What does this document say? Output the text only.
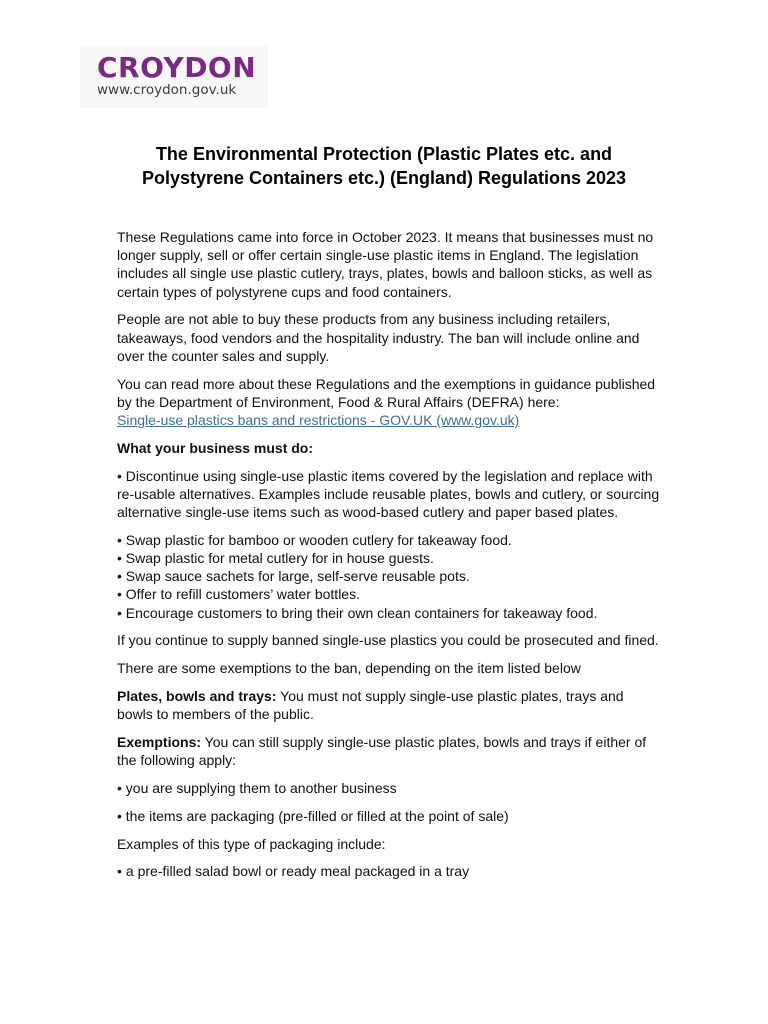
CROYDON
www.croydon.gov.uk
The Environmental Protection (Plastic Plates etc. and
Polystyrene Containers etc.) (England) Regulations 2023

These Regulations came into force in October 2023. It means that businesses must no longer supply, sell or offer certain single-use plastic items in England. The legislation includes all single use plastic cutlery, trays, plates, bowls and balloon sticks, as well as certain types of polystyrene cups and food containers.

People are not able to buy these products from any business including retailers, takeaways, food vendors and the hospitality industry. The ban will include online and over the counter sales and supply.

You can read more about these Regulations and the exemptions in guidance published by the Department of Environment, Food & Rural Affairs (DEFRA) here:
Single-use plastics bans and restrictions - GOV.UK (www.gov.uk)

What your business must do:

• Discontinue using single-use plastic items covered by the legislation and replace with re-usable alternatives. Examples include reusable plates, bowls and cutlery, or sourcing alternative single-use items such as wood-based cutlery and paper based plates.

• Swap plastic for bamboo or wooden cutlery for takeaway food.
• Swap plastic for metal cutlery for in house guests.
• Swap sauce sachets for large, self-serve reusable pots.
• Offer to refill customers’ water bottles.
• Encourage customers to bring their own clean containers for takeaway food.

If you continue to supply banned single-use plastics you could be prosecuted and fined.

There are some exemptions to the ban, depending on the item listed below

Plates, bowls and trays: You must not supply single-use plastic plates, trays and bowls to members of the public.

Exemptions: You can still supply single-use plastic plates, bowls and trays if either of the following apply:

• you are supplying them to another business

• the items are packaging (pre-filled or filled at the point of sale)

Examples of this type of packaging include:

• a pre-filled salad bowl or ready meal packaged in a tray
